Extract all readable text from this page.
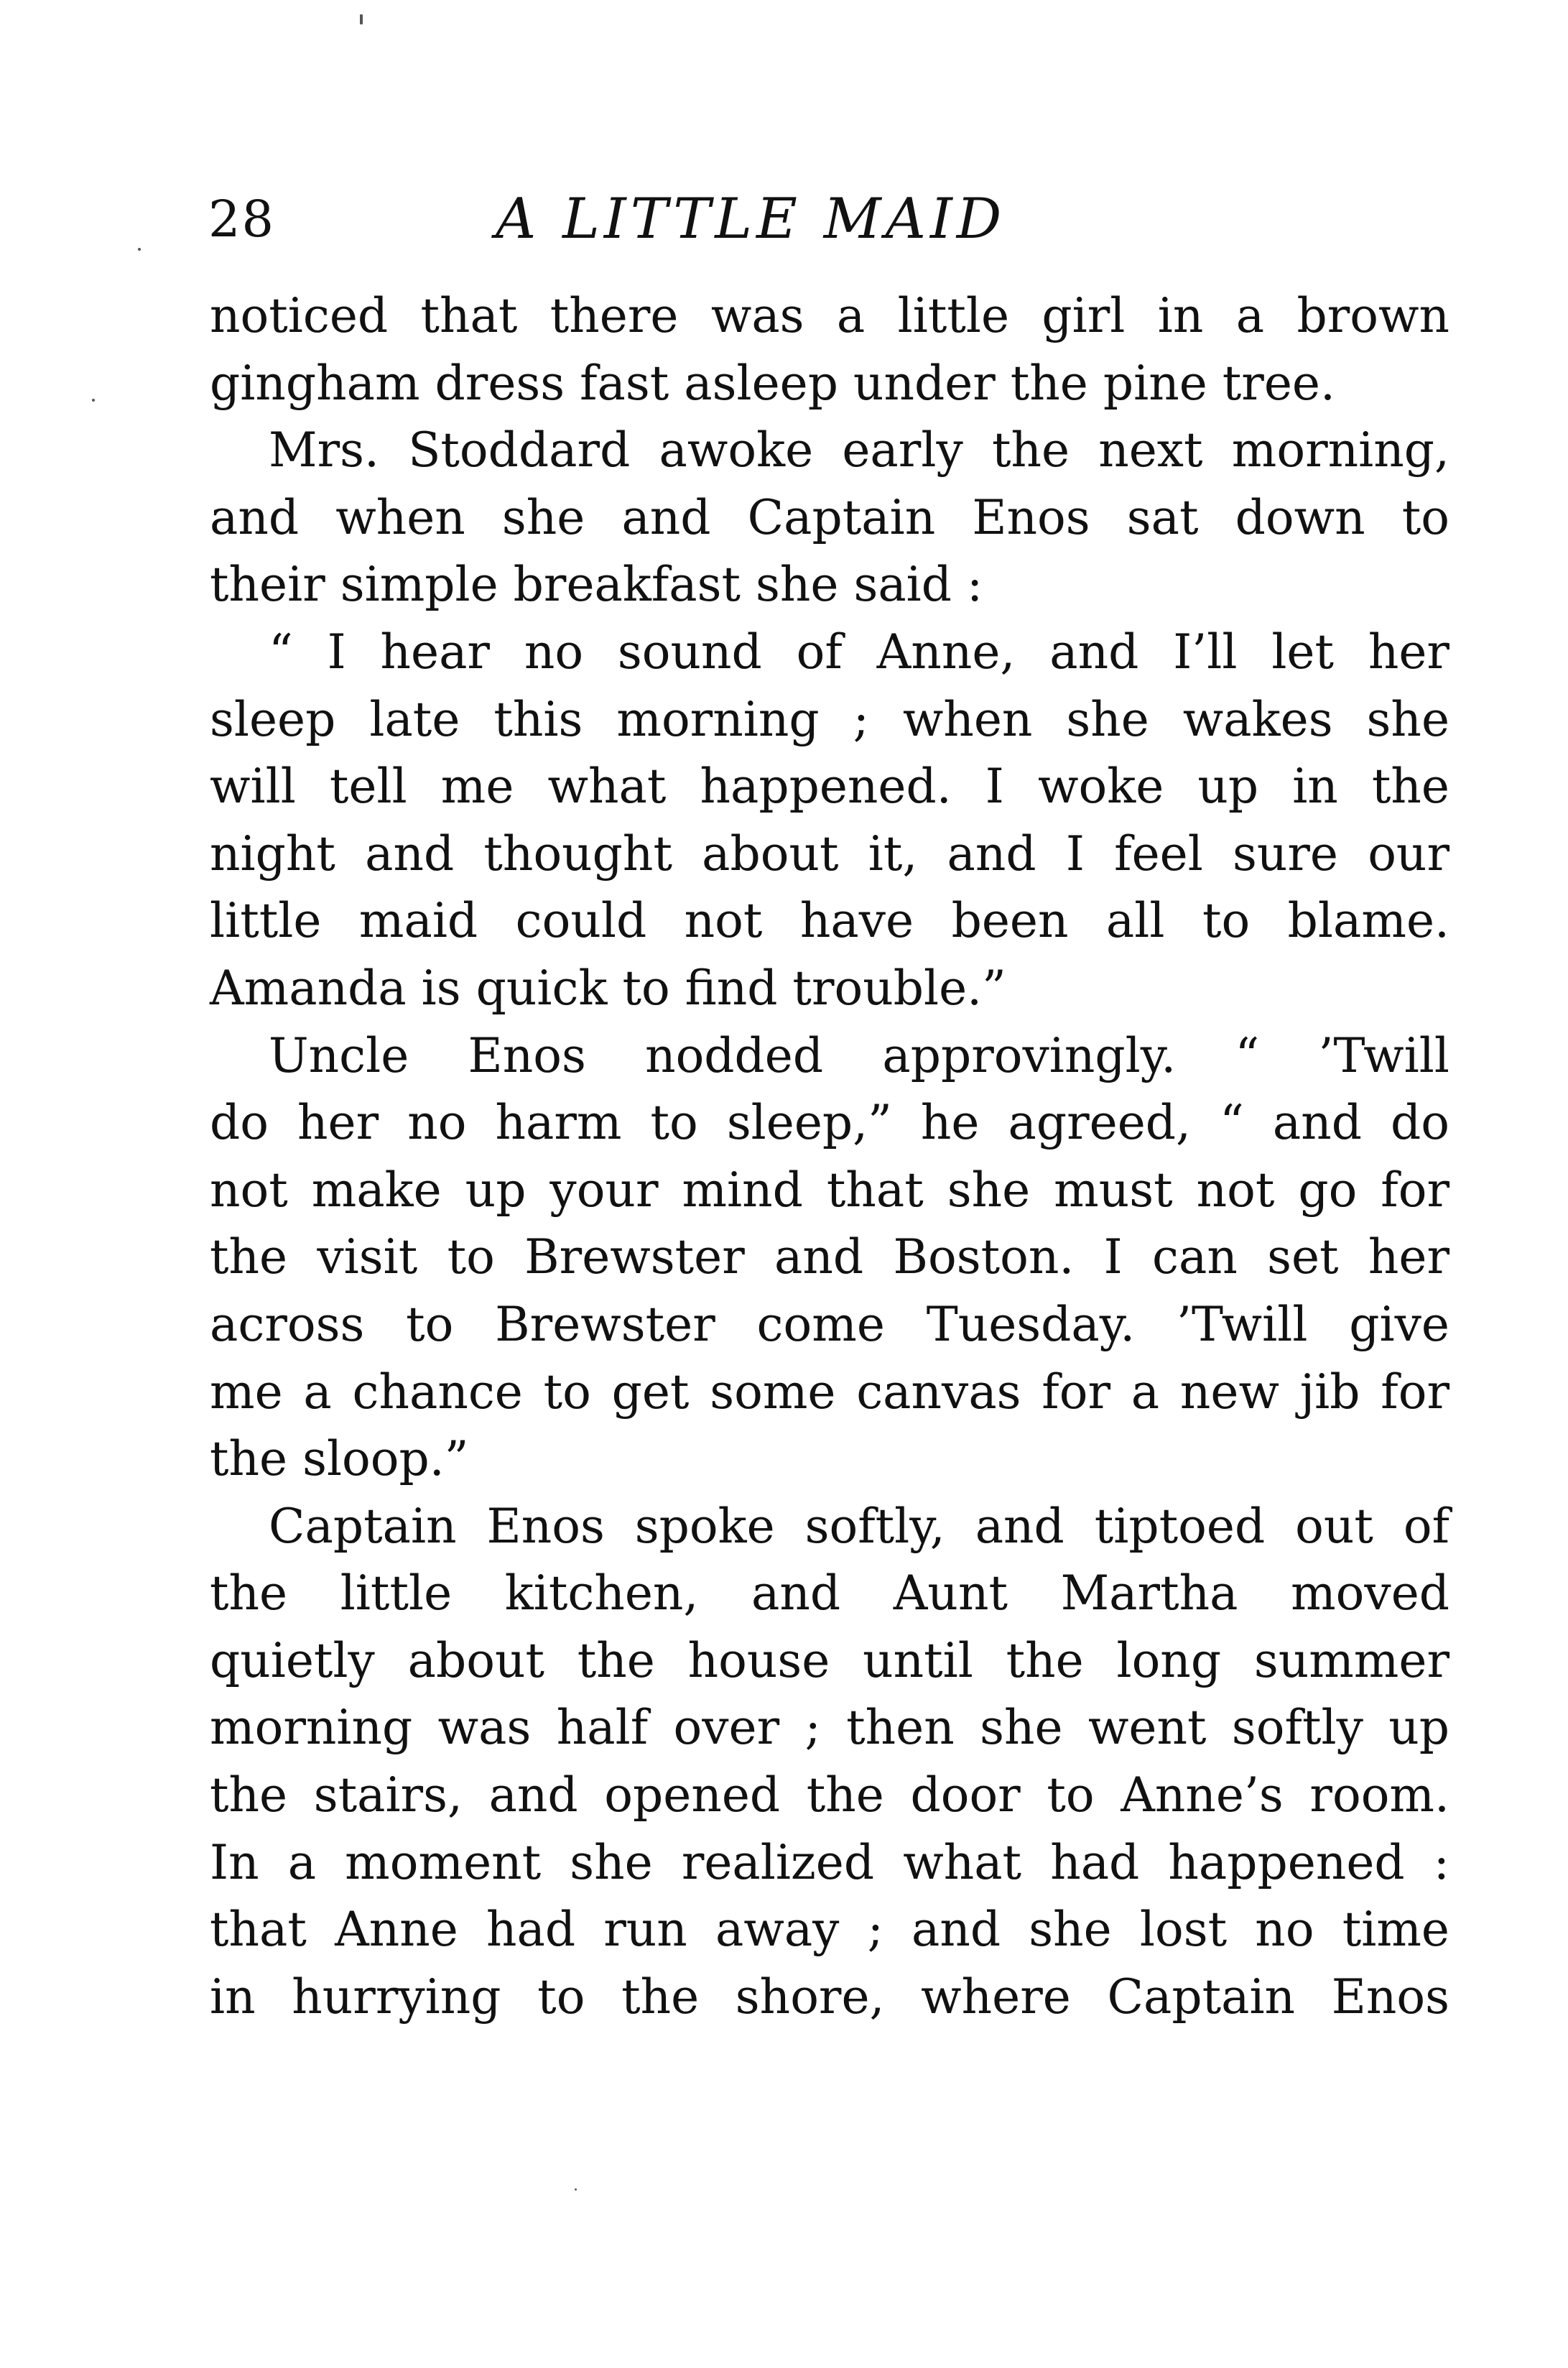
28	A LITTLE MAID
noticed that there was a little girl in a brown
gingham dress fast asleep under the pine tree.
Mrs. Stoddard awoke early the next morning,
and when she and Captain Enos sat down to
their simple breakfast she said :
“ I hear no sound of Anne, and I’ll let her
sleep late this morning ; when she wakes she
will tell me what happened. I woke up in the
night and thought about it, and I feel sure our
little maid could not have been all to blame.
Amanda is quick to find trouble.”
Uncle Enos nodded approvingly. “ ’Twill
do her no harm to sleep,” he agreed, “ and do
not make up your mind that she must not go for
the visit to Brewster and Boston. I can set her
across to Brewster come Tuesday. ’Twill give
me a chance to get some canvas for a new jib for
the sloop.”
Captain Enos spoke softly, and tiptoed out of
the little kitchen, and Aunt Martha moved
quietly about the house until the long summer
morning was half over ; then she went softly up
the stairs, and opened the door to Anne’s room.
In a moment she realized what had happened :
that Anne had run away ; and she lost no time
in hurrying to the shore, where Captain Enos
